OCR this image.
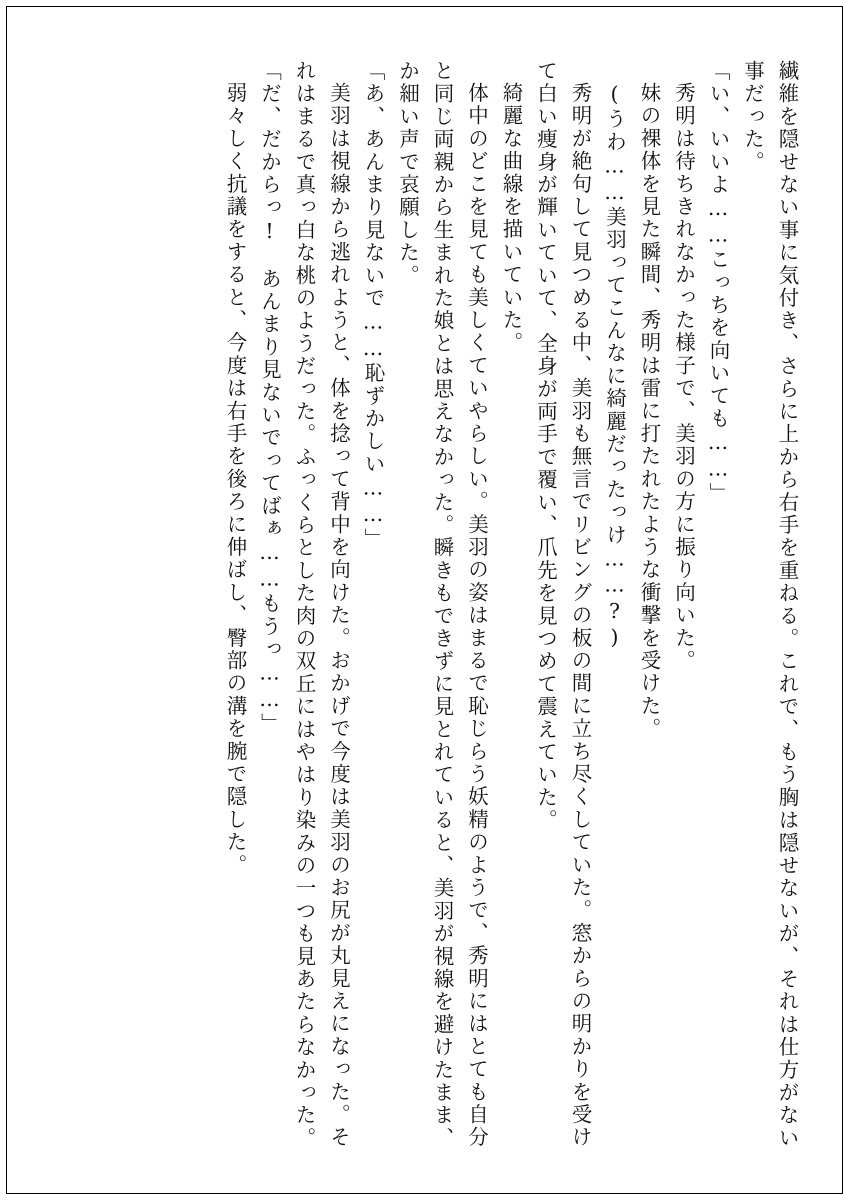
繊維を隠せない事に気付き、さらに上から右手を重ねる。これで、もう胸は隠せないが、それは仕方がない事だった。

「い、いいよ……こっちを向いても……」

秀明は待ちきれなかった様子で、美羽の方に振り向いた。

妹の裸体を見た瞬間、秀明は雷に打たれたような衝撃を受けた。

(うわ……美羽ってこんなに綺麗だったっけ……?)

秀明が絶句して見つめる中、美羽も無言でリビングの板の間に立ち尽くしていた。窓からの明かりを受けて白い痩身が輝いていて、全身が両手で覆い、爪先を見つめて震えていた。

綺麗な曲線を描いていた。

体中のどこを見ても美しくていやらしい。美羽の姿はまるで恥じらう妖精のようで、秀明にはとても自分と同じ両親から生まれた娘とは思えなかった。瞬きもできずに見とれていると、美羽が視線を避けたまま、か細い声で哀願した。

「あ、あんまり見ないで……恥ずかしい……」

美羽は視線から逃れようと、体を捻って背中を向けた。おかげで今度は美羽のお尻が丸見えになった。それはまるで真っ白な桃のようだった。ふっくらとした肉の双丘にはやはり染みの一つも見あたらなかった。

「だ、だからっ!　あんまり見ないでってばぁ……もうっ……」

弱々しく抗議をすると、今度は右手を後ろに伸ばし、臀部の溝を腕で隠した。
